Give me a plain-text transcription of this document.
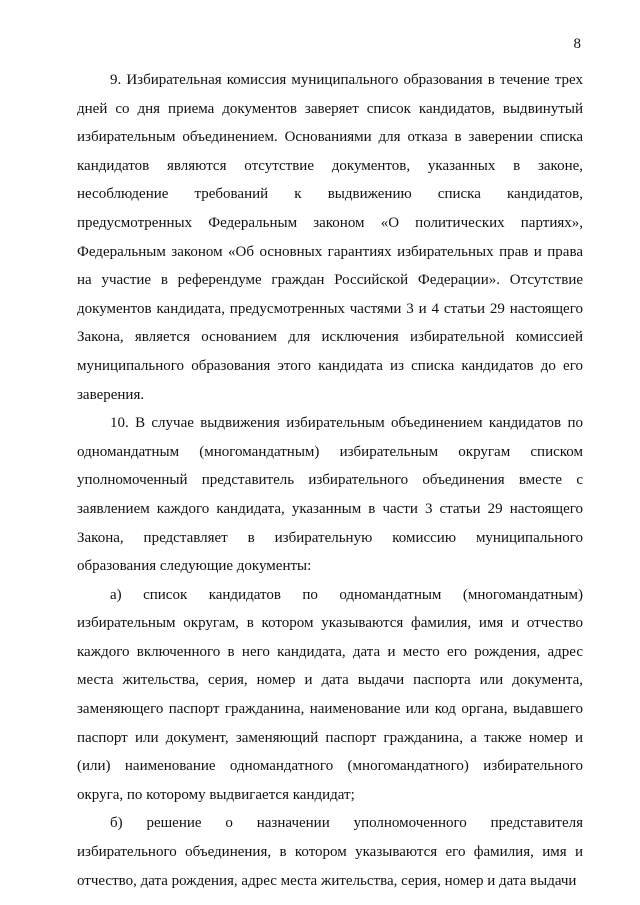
8

9. Избирательная комиссия муниципального образования в течение трех дней со дня приема документов заверяет список кандидатов, выдвинутый избирательным объединением. Основаниями для отказа в заверении списка кандидатов являются отсутствие документов, указанных в законе, несоблюдение требований к выдвижению списка кандидатов, предусмотренных Федеральным законом «О политических партиях», Федеральным законом «Об основных гарантиях избирательных прав и права на участие в референдуме граждан Российской Федерации». Отсутствие документов кандидата, предусмотренных частями 3 и 4 статьи 29 настоящего Закона, является основанием для исключения избирательной комиссией муниципального образования этого кандидата из списка кандидатов до его заверения.

10. В случае выдвижения избирательным объединением кандидатов по одномандатным (многомандатным) избирательным округам списком уполномоченный представитель избирательного объединения вместе с заявлением каждого кандидата, указанным в части 3 статьи 29 настоящего Закона, представляет в избирательную комиссию муниципального образования следующие документы:

а) список кандидатов по одномандатным (многомандатным) избирательным округам, в котором указываются фамилия, имя и отчество каждого включенного в него кандидата, дата и место его рождения, адрес места жительства, серия, номер и дата выдачи паспорта или документа, заменяющего паспорт гражданина, наименование или код органа, выдавшего паспорт или документ, заменяющий паспорт гражданина, а также номер и (или) наименование одномандатного (многомандатного) избирательного округа, по которому выдвигается кандидат;

б) решение о назначении уполномоченного представителя избирательного объединения, в котором указываются его фамилия, имя и отчество, дата рождения, адрес места жительства, серия, номер и дата выдачи
